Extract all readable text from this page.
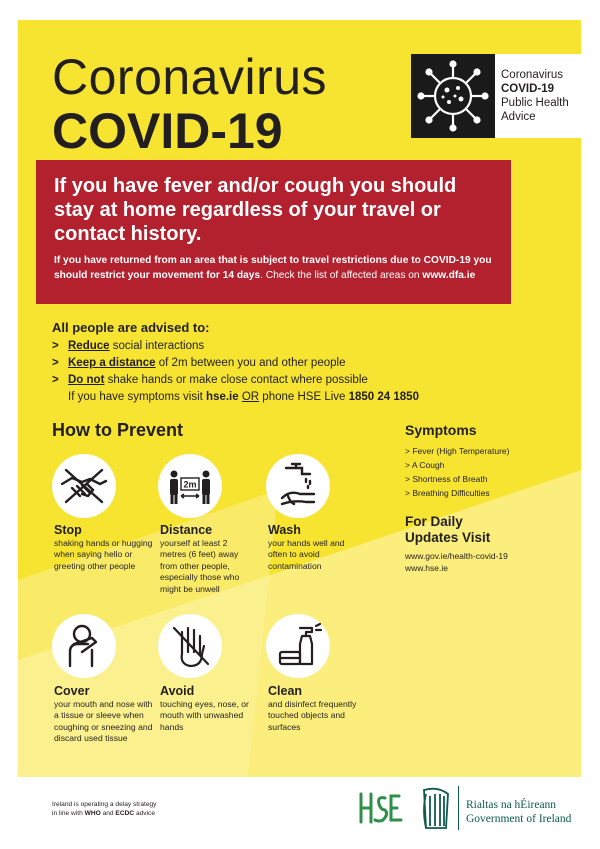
Coronavirus
COVID-19
Coronavirus
COVID-19
Public Health
Advice
If you have fever and/or cough you should stay at home regardless of your travel or contact history.
If you have returned from an area that is subject to travel restrictions due to COVID-19 you should restrict your movement for 14 days. Check the list of affected areas on www.dfa.ie
All people are advised to:
> Reduce social interactions
> Keep a distance of 2m between you and other people
> Do not shake hands or make close contact where possible
If you have symptoms visit hse.ie OR phone HSE Live 1850 24 1850
How to Prevent
2m
Stop
shaking hands or hugging when saying hello or greeting other people
Distance
yourself at least 2 metres (6 feet) away from other people, especially those who might be unwell
Wash
your hands well and often to avoid contamination
Cover
your mouth and nose with a tissue or sleeve when coughing or sneezing and discard used tissue
Avoid
touching eyes, nose, or mouth with unwashed hands
Clean
and disinfect frequently touched objects and surfaces
Symptoms
> Fever (High Temperature)
> A Cough
> Shortness of Breath
> Breathing Difficulties
For Daily
Updates Visit
www.gov.ie/health-covid-19
www.hse.ie
Ireland is operating a delay strategy
in line with WHO and ECDC advice
Rialtas na hÉireann
Government of Ireland
